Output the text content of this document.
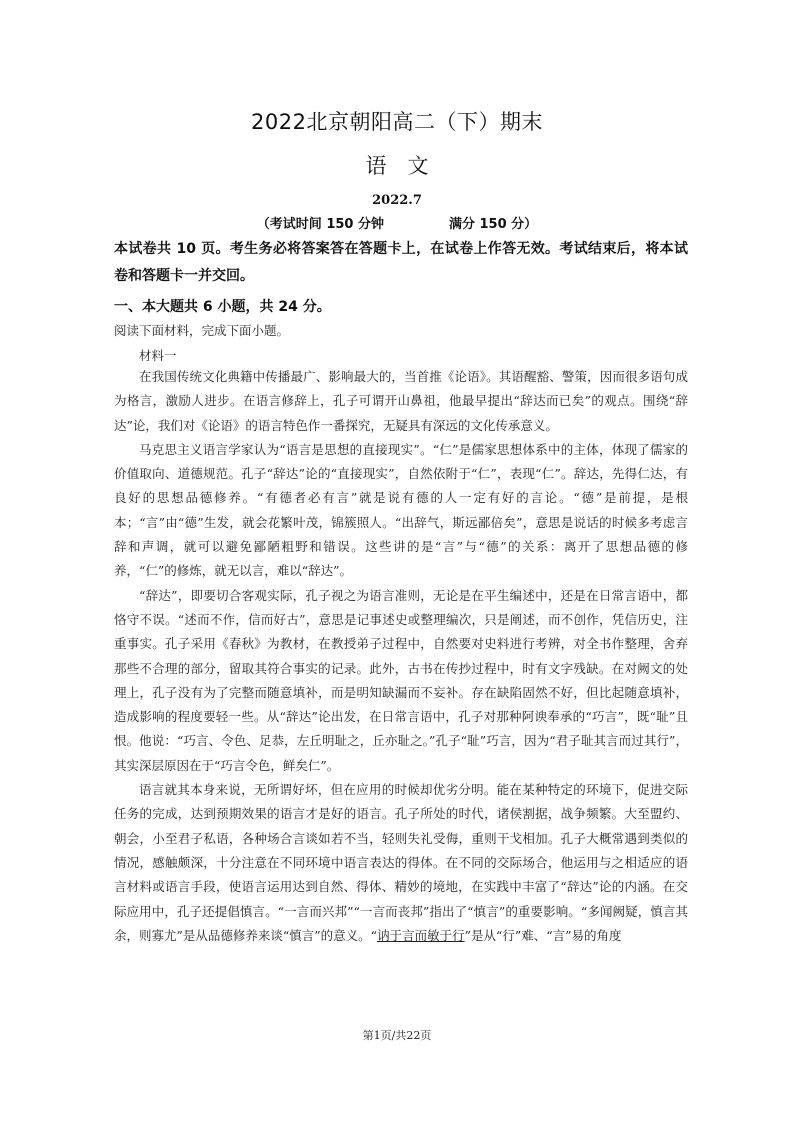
2022北京朝阳高二（下）期末
语　文
2022.7
（考试时间 150 分钟　　　　　满分 150 分）

本试卷共 10 页。考生务必将答案答在答题卡上，在试卷上作答无效。考试结束后，将本试卷和答题卡一并交回。

一、本大题共 6 小题，共 24 分。

阅读下面材料，完成下面小题。

材料一

在我国传统文化典籍中传播最广、影响最大的，当首推《论语》。其语醒豁、警策，因而很多语句成为格言，激励人进步。在语言修辞上，孔子可谓开山鼻祖，他最早提出“辞达而已矣”的观点。围绕“辞达”论，我们对《论语》的语言特色作一番探究，无疑具有深远的文化传承意义。

马克思主义语言学家认为“语言是思想的直接现实”。“仁”是儒家思想体系中的主体，体现了儒家的价值取向、道德规范。孔子“辞达”论的“直接现实”，自然依附于“仁”，表现“仁”。辞达，先得仁达，有良好的思想品德修养。“有德者必有言”就是说有德的人一定有好的言论。“德”是前提，是根本；“言”由“德”生发，就会花繁叶茂，锦簇照人。“出辞气，斯远鄙倍矣”，意思是说话的时候多考虑言辞和声调，就可以避免鄙陋粗野和错误。这些讲的是“言”与“德”的关系：离开了思想品德的修养，“仁”的修炼，就无以言，难以“辞达”。

“辞达”，即要切合客观实际，孔子视之为语言准则，无论是在平生编述中，还是在日常言语中，都恪守不误。“述而不作，信而好古”，意思是记事述史或整理编次，只是阐述，而不创作，凭信历史，注重事实。孔子采用《春秋》为教材，在教授弟子过程中，自然要对史料进行考辨，对全书作整理，舍弃那些不合理的部分，留取其符合事实的记录。此外，古书在传抄过程中，时有文字残缺。在对阙文的处理上，孔子没有为了完整而随意填补，而是明知缺漏而不妄补。存在缺陷固然不好，但比起随意填补，造成影响的程度要轻一些。从“辞达”论出发，在日常言语中，孔子对那种阿谀奉承的“巧言”，既“耻”且恨。他说：“巧言、令色、足恭，左丘明耻之，丘亦耻之。”孔子“耻”巧言，因为“君子耻其言而过其行”，其实深层原因在于“巧言令色，鲜矣仁”。

语言就其本身来说，无所谓好坏，但在应用的时候却优劣分明。能在某种特定的环境下，促进交际任务的完成，达到预期效果的语言才是好的语言。孔子所处的时代，诸侯割据，战争频繁。大至盟约、朝会，小至君子私语，各种场合言谈如若不当，轻则失礼受侮，重则干戈相加。孔子大概常遇到类似的情况，感触颇深，十分注意在不同环境中语言表达的得体。在不同的交际场合，他运用与之相适应的语言材料或语言手段，使语言运用达到自然、得体、精妙的境地，在实践中丰富了“辞达”论的内涵。在交际应用中，孔子还提倡慎言。“一言而兴邦”“一言而丧邦”指出了“慎言”的重要影响。“多闻阙疑，慎言其余，则寡尤”是从品德修养来谈“慎言”的意义。“讷于言而敏于行”是从“行”难、“言”易的角度

第1页/共22页
